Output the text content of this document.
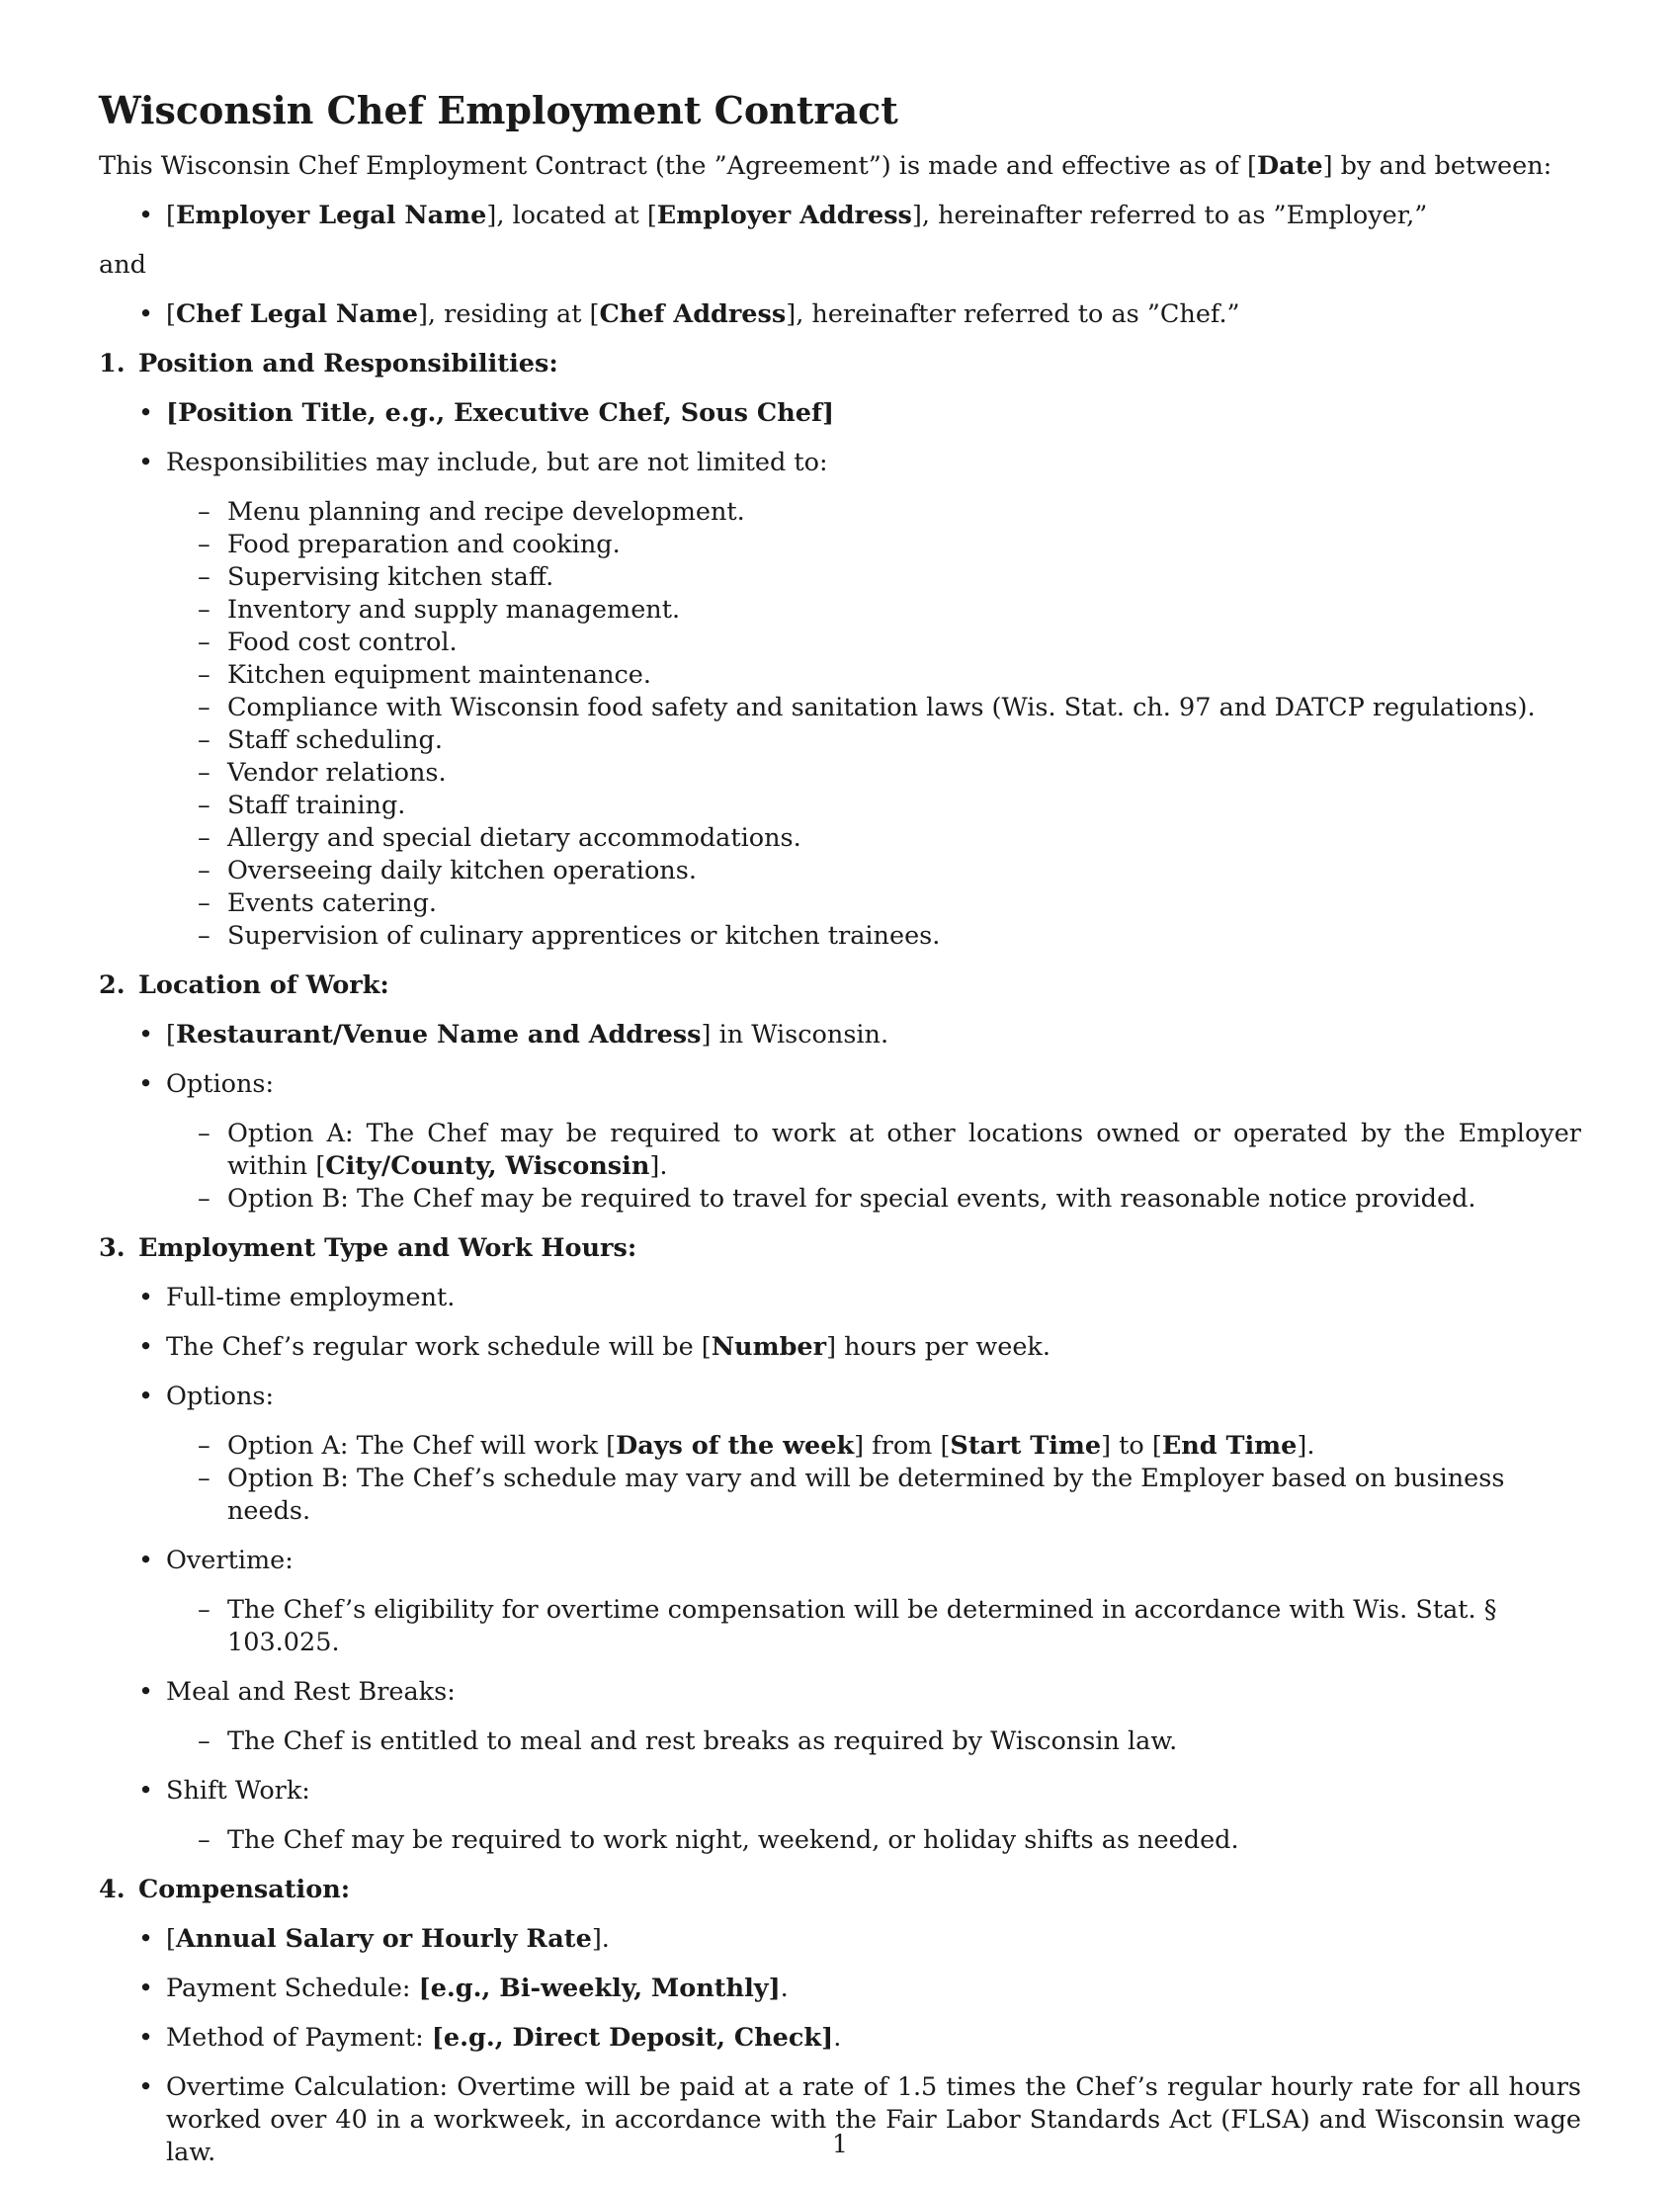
Wisconsin Chef Employment Contract

This Wisconsin Chef Employment Contract (the ”Agreement”) is made and effective as of [Date] by and between:

• [Employer Legal Name], located at [Employer Address], hereinafter referred to as ”Employer,”

and

• [Chef Legal Name], residing at [Chef Address], hereinafter referred to as ”Chef.”
1. Position and Responsibilities:
• [Position Title, e.g., Executive Chef, Sous Chef]
• Responsibilities may include, but are not limited to:
– Menu planning and recipe development.
– Food preparation and cooking.
– Supervising kitchen staff.
– Inventory and supply management.
– Food cost control.
– Kitchen equipment maintenance.
– Compliance with Wisconsin food safety and sanitation laws (Wis. Stat. ch. 97 and DATCP regulations).
– Staff scheduling.
– Vendor relations.
– Staff training.
– Allergy and special dietary accommodations.
– Overseeing daily kitchen operations.
– Events catering.
– Supervision of culinary apprentices or kitchen trainees.
2. Location of Work:
• [Restaurant/Venue Name and Address] in Wisconsin.
• Options:
– Option A: The Chef may be required to work at other locations owned or operated by the Employer within [City/County, Wisconsin].
– Option B: The Chef may be required to travel for special events, with reasonable notice provided.
3. Employment Type and Work Hours:
• Full-time employment.
• The Chef’s regular work schedule will be [Number] hours per week.
• Options:
– Option A: The Chef will work [Days of the week] from [Start Time] to [End Time].
– Option B: The Chef’s schedule may vary and will be determined by the Employer based on business needs.
• Overtime:
– The Chef’s eligibility for overtime compensation will be determined in accordance with Wis. Stat. § 103.025.
• Meal and Rest Breaks:
– The Chef is entitled to meal and rest breaks as required by Wisconsin law.
• Shift Work:
– The Chef may be required to work night, weekend, or holiday shifts as needed.
4. Compensation:
• [Annual Salary or Hourly Rate].
• Payment Schedule: [e.g., Bi-weekly, Monthly].
• Method of Payment: [e.g., Direct Deposit, Check].
• Overtime Calculation: Overtime will be paid at a rate of 1.5 times the Chef’s regular hourly rate for all hours worked over 40 in a workweek, in accordance with the Fair Labor Standards Act (FLSA) and Wisconsin wage law.	1
